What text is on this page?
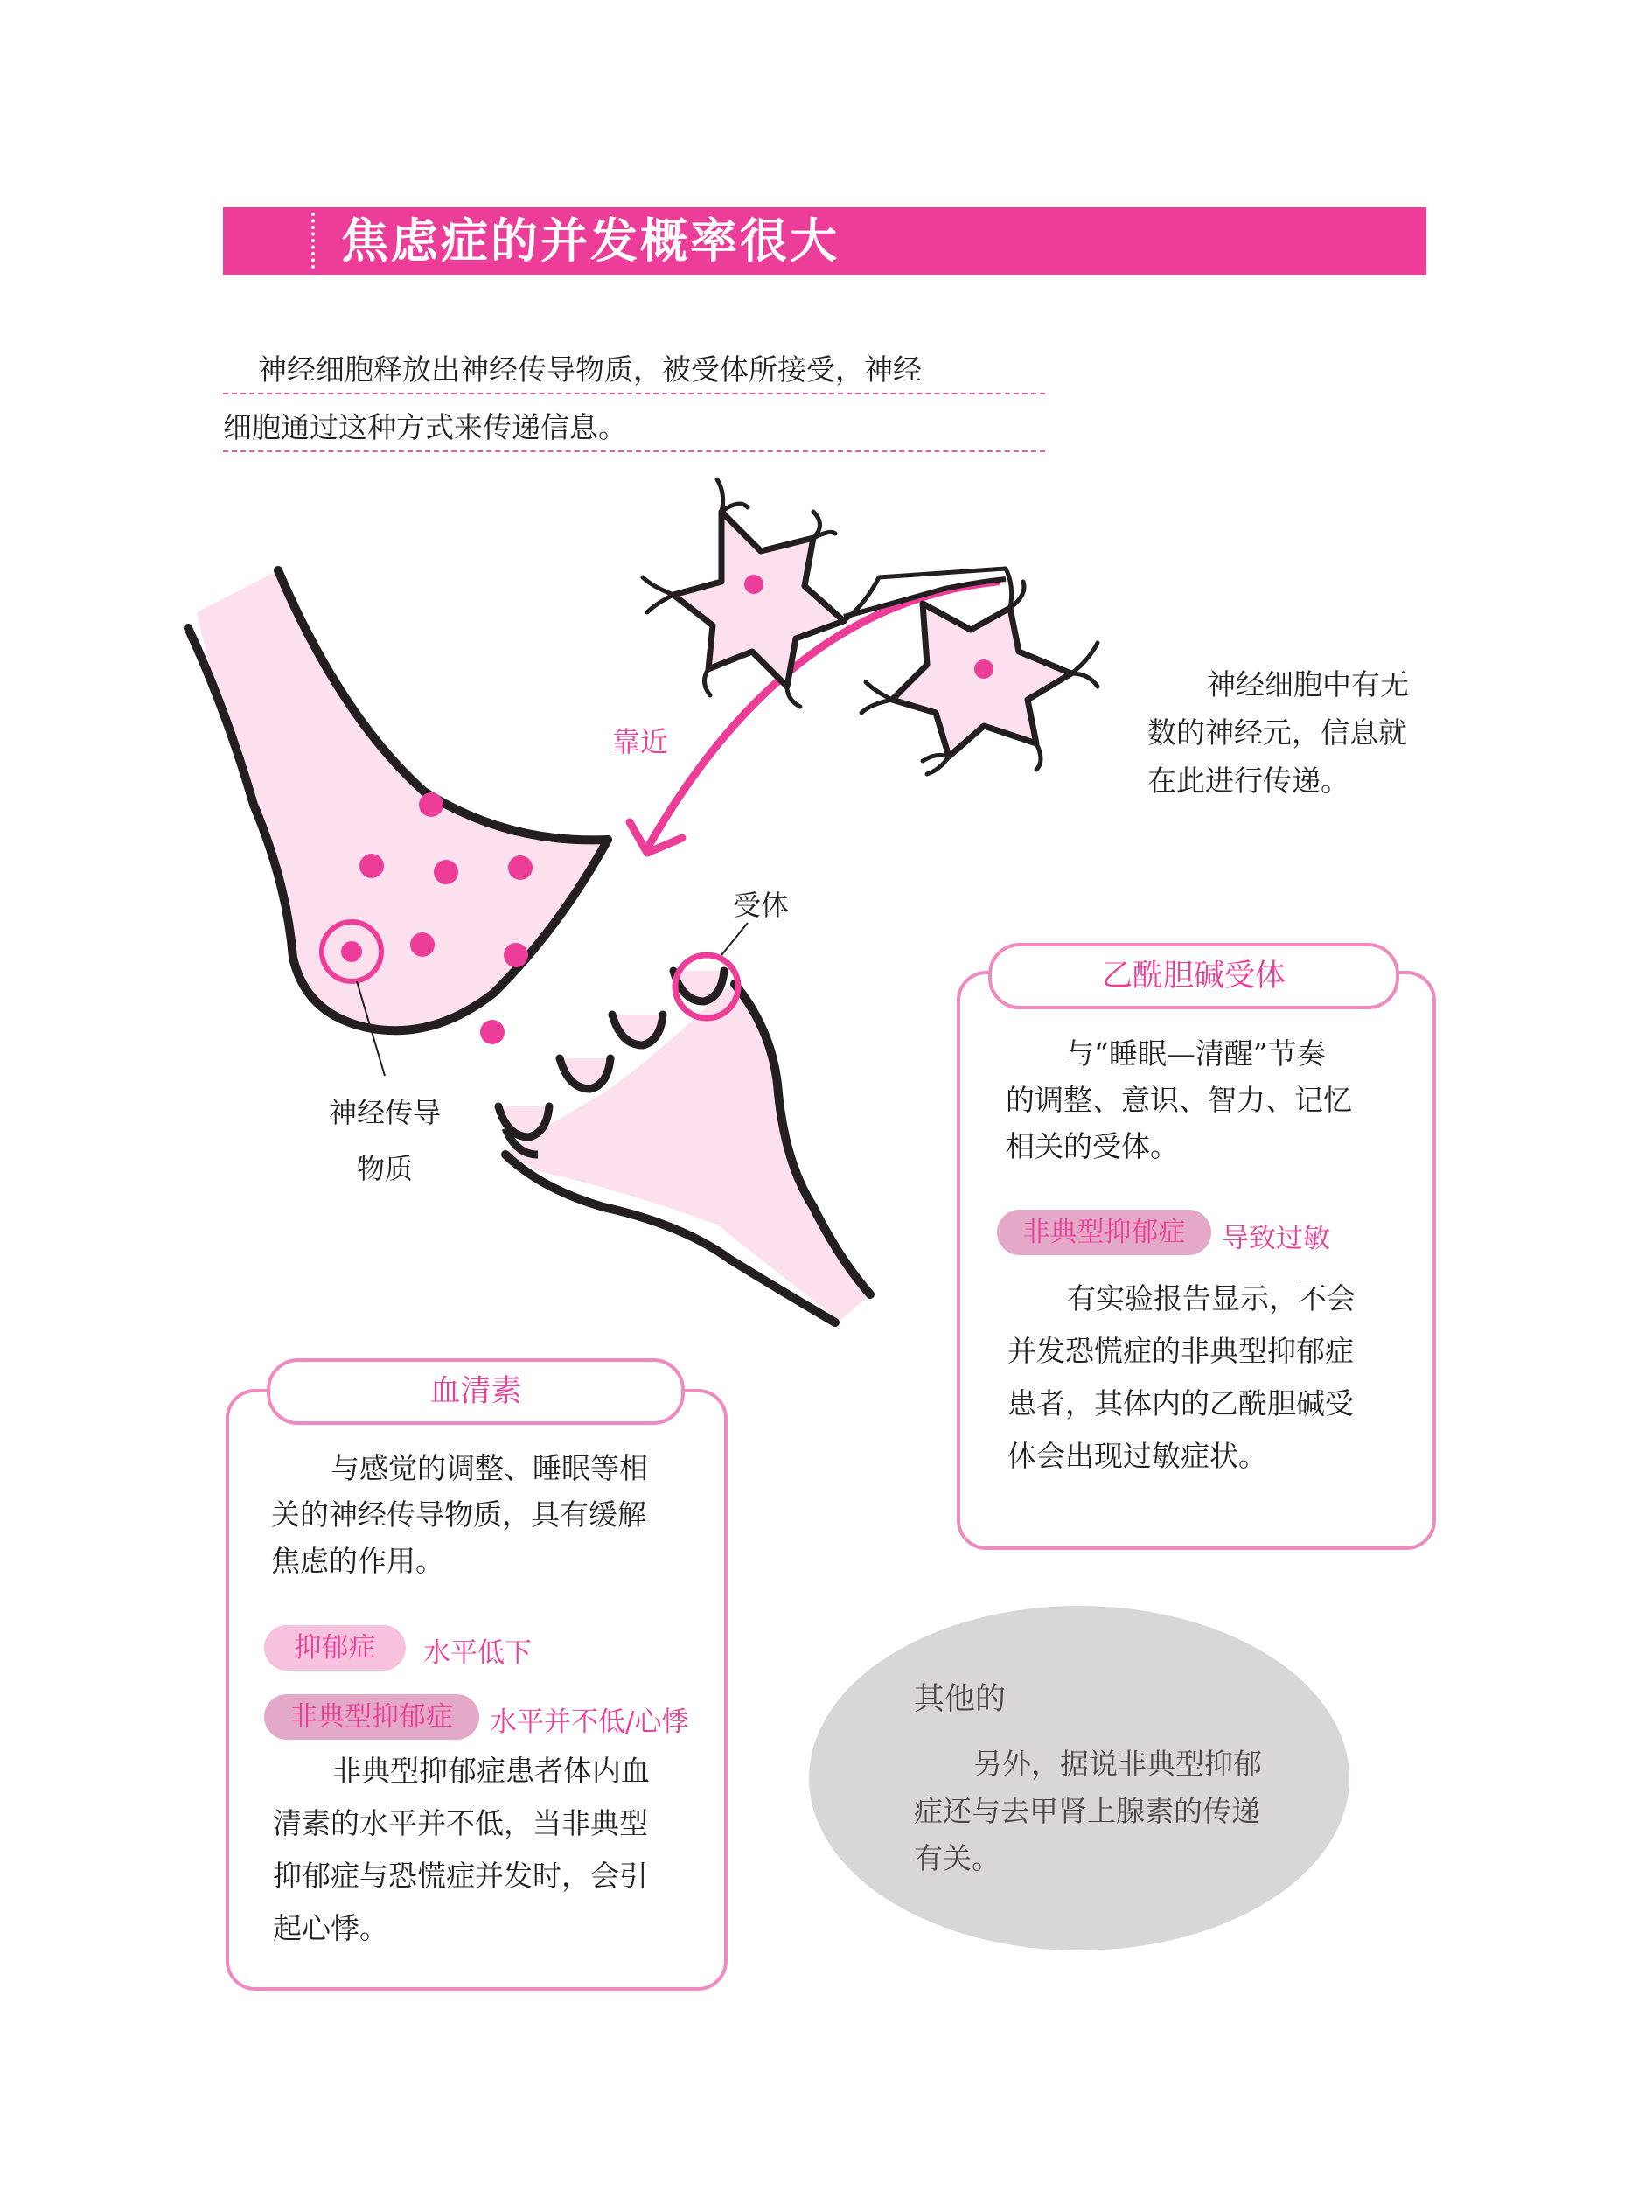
焦虑症的并发概率很大
神经细胞释放出神经传导物质，被受体所接受，神经
细胞通过这种方式来传递信息。
靠近
受体
神经传导
物质
神经细胞中有无
数的神经元，信息就
在此进行传递。
乙酰胆碱受体
与“睡眠—清醒”节奏
的调整、意识、智力、记忆
相关的受体。
非典型抑郁症	导致过敏
有实验报告显示，不会
并发恐慌症的非典型抑郁症
患者，其体内的乙酰胆碱受
体会出现过敏症状。
血清素
与感觉的调整、睡眠等相
关的神经传导物质，具有缓解
焦虑的作用。
抑郁症	水平低下
非典型抑郁症	水平并不低/心悸
非典型抑郁症患者体内血
清素的水平并不低，当非典型
抑郁症与恐慌症并发时，会引
起心悸。
其他的
另外，据说非典型抑郁
症还与去甲肾上腺素的传递
有关。
